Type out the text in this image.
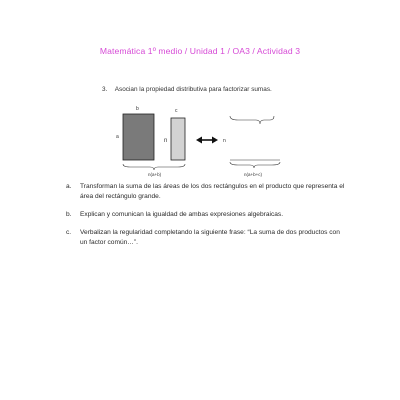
Matemática 1º medio / Unidad 1 / OA3 / Actividad 3
3. Asocian la propiedad distributiva para factorizar sumas.
b
a
c
n
n(a+b)
n
n(a+b+c)
a.	Transforman la suma de las áreas de los dos rectángulos en el producto que representa el área del rectángulo grande.
b.	Explican y comunican la igualdad de ambas expresiones algebraicas.
c.	Verbalizan la regularidad completando la siguiente frase: “La suma de dos productos con un factor común…”.
